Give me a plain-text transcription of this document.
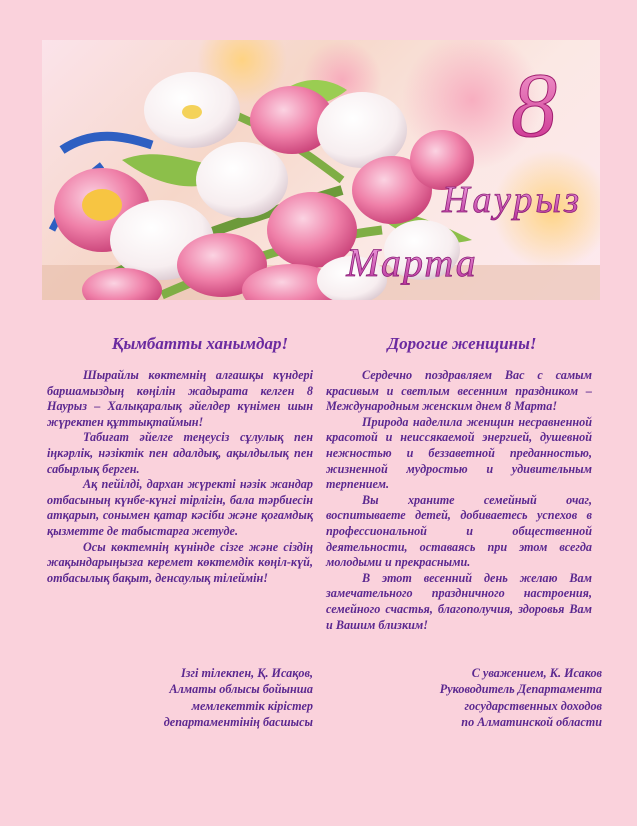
8
Наурыз
Марта
Қымбатты ханымдар!

Шырайлы көктемнің алғашқы күндері баршамыздың көңілін жадырата келген 8 Наурыз – Халықаралық әйелдер күнімен шын жүректен құттықтаймын!

Табиғат әйелге теңеусіз сұлулық пен іңкәрлік, нәзіктік пен адалдық, ақылдылық пен сабырлық берген.

Ақ пейілді, дархан жүректі нәзік жандар отбасының күнбе-күнгі тірлігін, бала тәрбиесін атқарып, сонымен қатар кәсіби және қоғамдық қызметте де табыстарға жетуде.

Осы көктемнің күнінде сізге және сіздің жақындарыңызға керемет көктемдік көңіл-күй, отбасылық бақыт, денсаулық тілеймін!

Ізгі тілекпен, Қ. Исақов,
Алматы облысы бойынша
мемлекеттік кірістер
департаментінің басшысы
Дорогие женщины!

Сердечно поздравляем Вас с самым красивым и светлым весенним праздником – Международным женским днем 8 Марта!

Природа наделила женщин несравненной красотой и неиссякаемой энергией, душевной нежностью и беззаветной преданностью, жизненной мудростью и удивительным терпением.

Вы храните семейный очаг, воспитываете детей, добиваетесь успехов в профессиональной и общественной деятельности, оставаясь при этом всегда молодыми и прекрасными.

В этот весенний день желаю Вам замечательного праздничного настроения, семейного счастья, благополучия, здоровья Вам и Вашим близким!

С уважением, К. Исаков
Руководитель Департамента
государственных доходов
по Алматинской области
